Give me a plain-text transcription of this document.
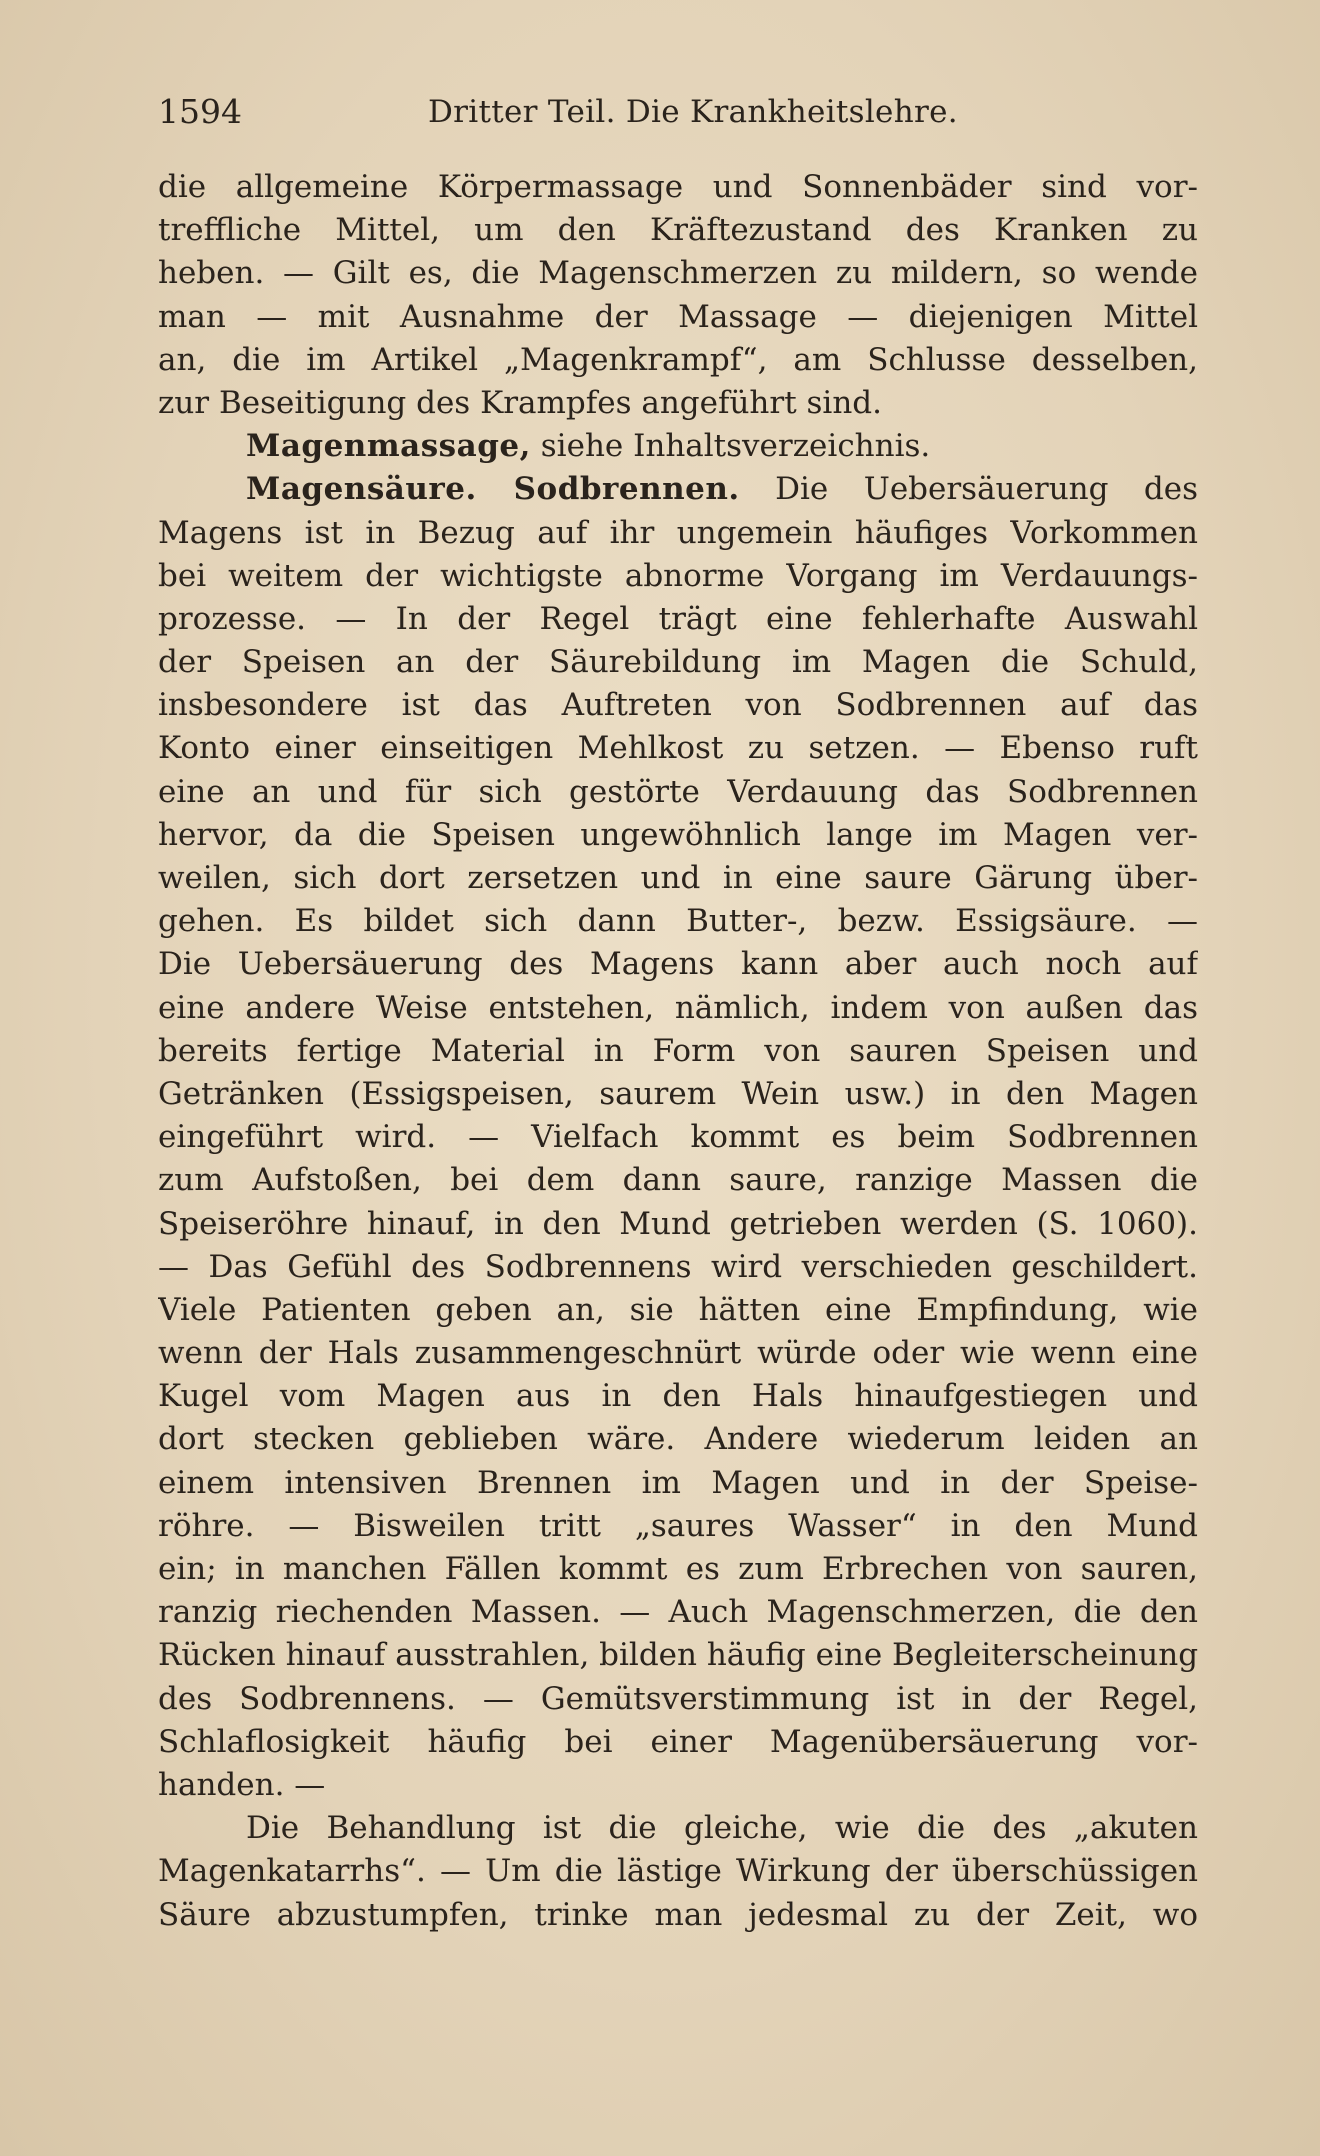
1594	Dritter Teil. Die Krankheitslehre.
die allgemeine Körpermassage und Sonnenbäder sind vor-
treffliche Mittel, um den Kräftezustand des Kranken zu
heben. — Gilt es, die Magenschmerzen zu mildern, so wende
man — mit Ausnahme der Massage — diejenigen Mittel
an, die im Artikel „Magenkrampf“, am Schlusse desselben,
zur Beseitigung des Krampfes angeführt sind.
Magenmassage, siehe Inhaltsverzeichnis.
Magensäure. Sodbrennen. Die Uebersäuerung des
Magens ist in Bezug auf ihr ungemein häufiges Vorkommen
bei weitem der wichtigste abnorme Vorgang im Verdauungs-
prozesse. — In der Regel trägt eine fehlerhafte Auswahl
der Speisen an der Säurebildung im Magen die Schuld,
insbesondere ist das Auftreten von Sodbrennen auf das
Konto einer einseitigen Mehlkost zu setzen. — Ebenso ruft
eine an und für sich gestörte Verdauung das Sodbrennen
hervor, da die Speisen ungewöhnlich lange im Magen ver-
weilen, sich dort zersetzen und in eine saure Gärung über-
gehen. Es bildet sich dann Butter-, bezw. Essigsäure. —
Die Uebersäuerung des Magens kann aber auch noch auf
eine andere Weise entstehen, nämlich, indem von außen das
bereits fertige Material in Form von sauren Speisen und
Getränken (Essigspeisen, saurem Wein usw.) in den Magen
eingeführt wird. — Vielfach kommt es beim Sodbrennen
zum Aufstoßen, bei dem dann saure, ranzige Massen die
Speiseröhre hinauf, in den Mund getrieben werden (S. 1060).
— Das Gefühl des Sodbrennens wird verschieden geschildert.
Viele Patienten geben an, sie hätten eine Empfindung, wie
wenn der Hals zusammengeschnürt würde oder wie wenn eine
Kugel vom Magen aus in den Hals hinaufgestiegen und
dort stecken geblieben wäre. Andere wiederum leiden an
einem intensiven Brennen im Magen und in der Speise-
röhre. — Bisweilen tritt „saures Wasser“ in den Mund
ein; in manchen Fällen kommt es zum Erbrechen von sauren,
ranzig riechenden Massen. — Auch Magenschmerzen, die den
Rücken hinauf ausstrahlen, bilden häufig eine Begleiterscheinung
des Sodbrennens. — Gemütsverstimmung ist in der Regel,
Schlaflosigkeit häufig bei einer Magenübersäuerung vor-
handen. —
Die Behandlung ist die gleiche, wie die des „akuten
Magenkatarrhs“. — Um die lästige Wirkung der überschüssigen
Säure abzustumpfen, trinke man jedesmal zu der Zeit, wo
